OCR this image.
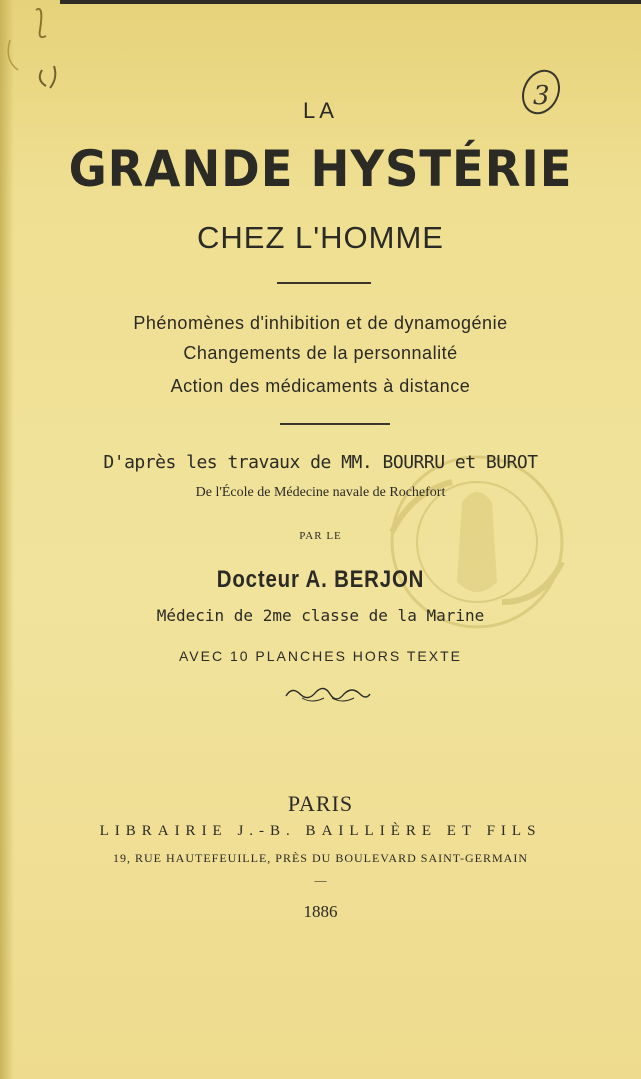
3
LA
GRANDE HYSTÉRIE
CHEZ L'HOMME
Phénomènes d'inhibition et de dynamogénie
Changements de la personnalité
Action des médicaments à distance
D'après les travaux de MM. BOURRU et BUROT
De l'École de Médecine navale de Rochefort
PAR LE
Docteur A. BERJON
Médecin de 2me classe de la Marine
AVEC 10 PLANCHES HORS TEXTE
PARIS
LIBRAIRIE J.-B. BAILLIÈRE ET FILS
19, RUE HAUTEFEUILLE, PRÈS DU BOULEVARD SAINT-GERMAIN
—
1886
